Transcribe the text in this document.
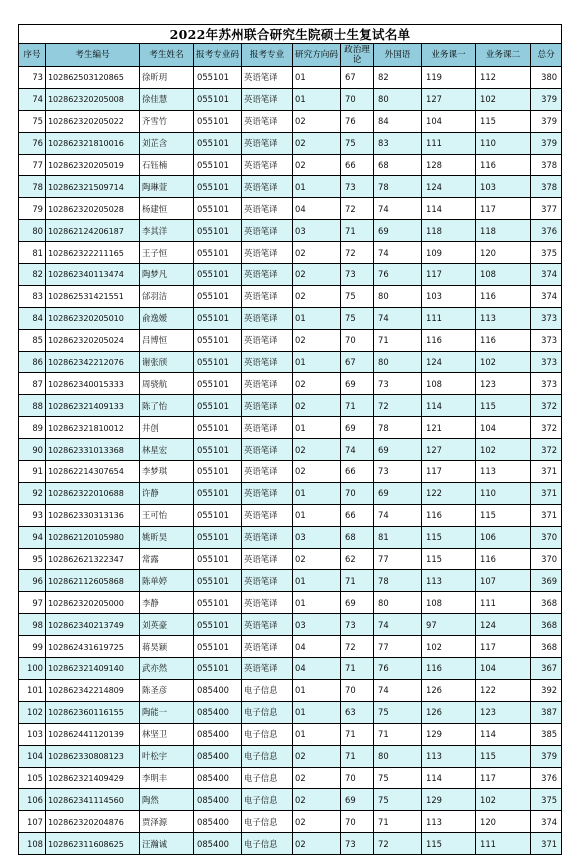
2022年苏州联合研究生院硕士生复试名单										
序号	考生编号	考生姓名	报考专业码	报考专业	研究方向码	政治理论	外国语	业务课一	业务课二	总分
73	102862503120865	徐昕玥	055101	英语笔译	01	67	82	119	112	380
74	102862320205008	徐佳慧	055101	英语笔译	01	70	80	127	102	379
75	102862320205022	齐雪竹	055101	英语笔译	02	76	84	104	115	379
76	102862321810016	刘芷含	055101	英语笔译	02	75	83	111	110	379
77	102862320205019	石钰楠	055101	英语笔译	02	66	68	128	116	378
78	102862321509714	陶琳萱	055101	英语笔译	01	73	78	124	103	378
79	102862320205028	杨建恒	055101	英语笔译	04	72	74	114	117	377
80	102862124206187	李其洋	055101	英语笔译	03	71	69	118	118	376
81	102862322211165	王子恒	055101	英语笔译	02	72	74	109	120	375
82	102862340113474	陶梦凡	055101	英语笔译	02	73	76	117	108	374
83	102862531421551	邰羽洁	055101	英语笔译	02	75	80	103	116	374
84	102862320205010	俞逸嫒	055101	英语笔译	01	75	74	111	113	373
85	102862320205024	吕博恒	055101	英语笔译	02	70	71	116	116	373
86	102862342212076	谢张颀	055101	英语笔译	01	67	80	124	102	373
87	102862340015333	周骁航	055101	英语笔译	02	69	73	108	123	373
88	102862321409133	陈了怡	055101	英语笔译	02	71	72	114	115	372
89	102862321810012	井创	055101	英语笔译	01	69	78	121	104	372
90	102862331013368	林星宏	055101	英语笔译	02	74	69	127	102	372
91	102862214307654	李梦琪	055101	英语笔译	02	66	73	117	113	371
92	102862322010688	许静	055101	英语笔译	01	70	69	122	110	371
93	102862330313136	王可怡	055101	英语笔译	01	66	74	116	115	371
94	102862120105980	姚昕昊	055101	英语笔译	03	68	81	115	106	370
95	102862621322347	常露	055101	英语笔译	02	62	77	115	116	370
96	102862112605868	陈单婷	055101	英语笔译	01	71	78	113	107	369
97	102862320205000	李静	055101	英语笔译	01	69	80	108	111	368
98	102862340213749	刘英豪	055101	英语笔译	03	73	74	97	124	368
99	102862431619725	蒋昊颖	055101	英语笔译	04	72	77	102	117	368
100	102862321409140	武亦然	055101	英语笔译	04	71	76	116	104	367
101	102862342214809	陈圣彦	085400	电子信息	01	70	74	126	122	392
102	102862360116155	陶能一	085400	电子信息	01	63	75	126	123	387
103	102862441120139	林坚卫	085400	电子信息	01	71	71	129	114	385
104	102862330808123	叶松宇	085400	电子信息	02	71	80	113	115	379
105	102862321409429	李明丰	085400	电子信息	02	70	75	114	117	376
106	102862341114560	陶然	085400	电子信息	02	69	75	129	102	375
107	102862320204876	贾泽源	085400	电子信息	02	70	71	113	120	374
108	102862311608625	汪瀚诚	085400	电子信息	02	73	72	115	111	371
